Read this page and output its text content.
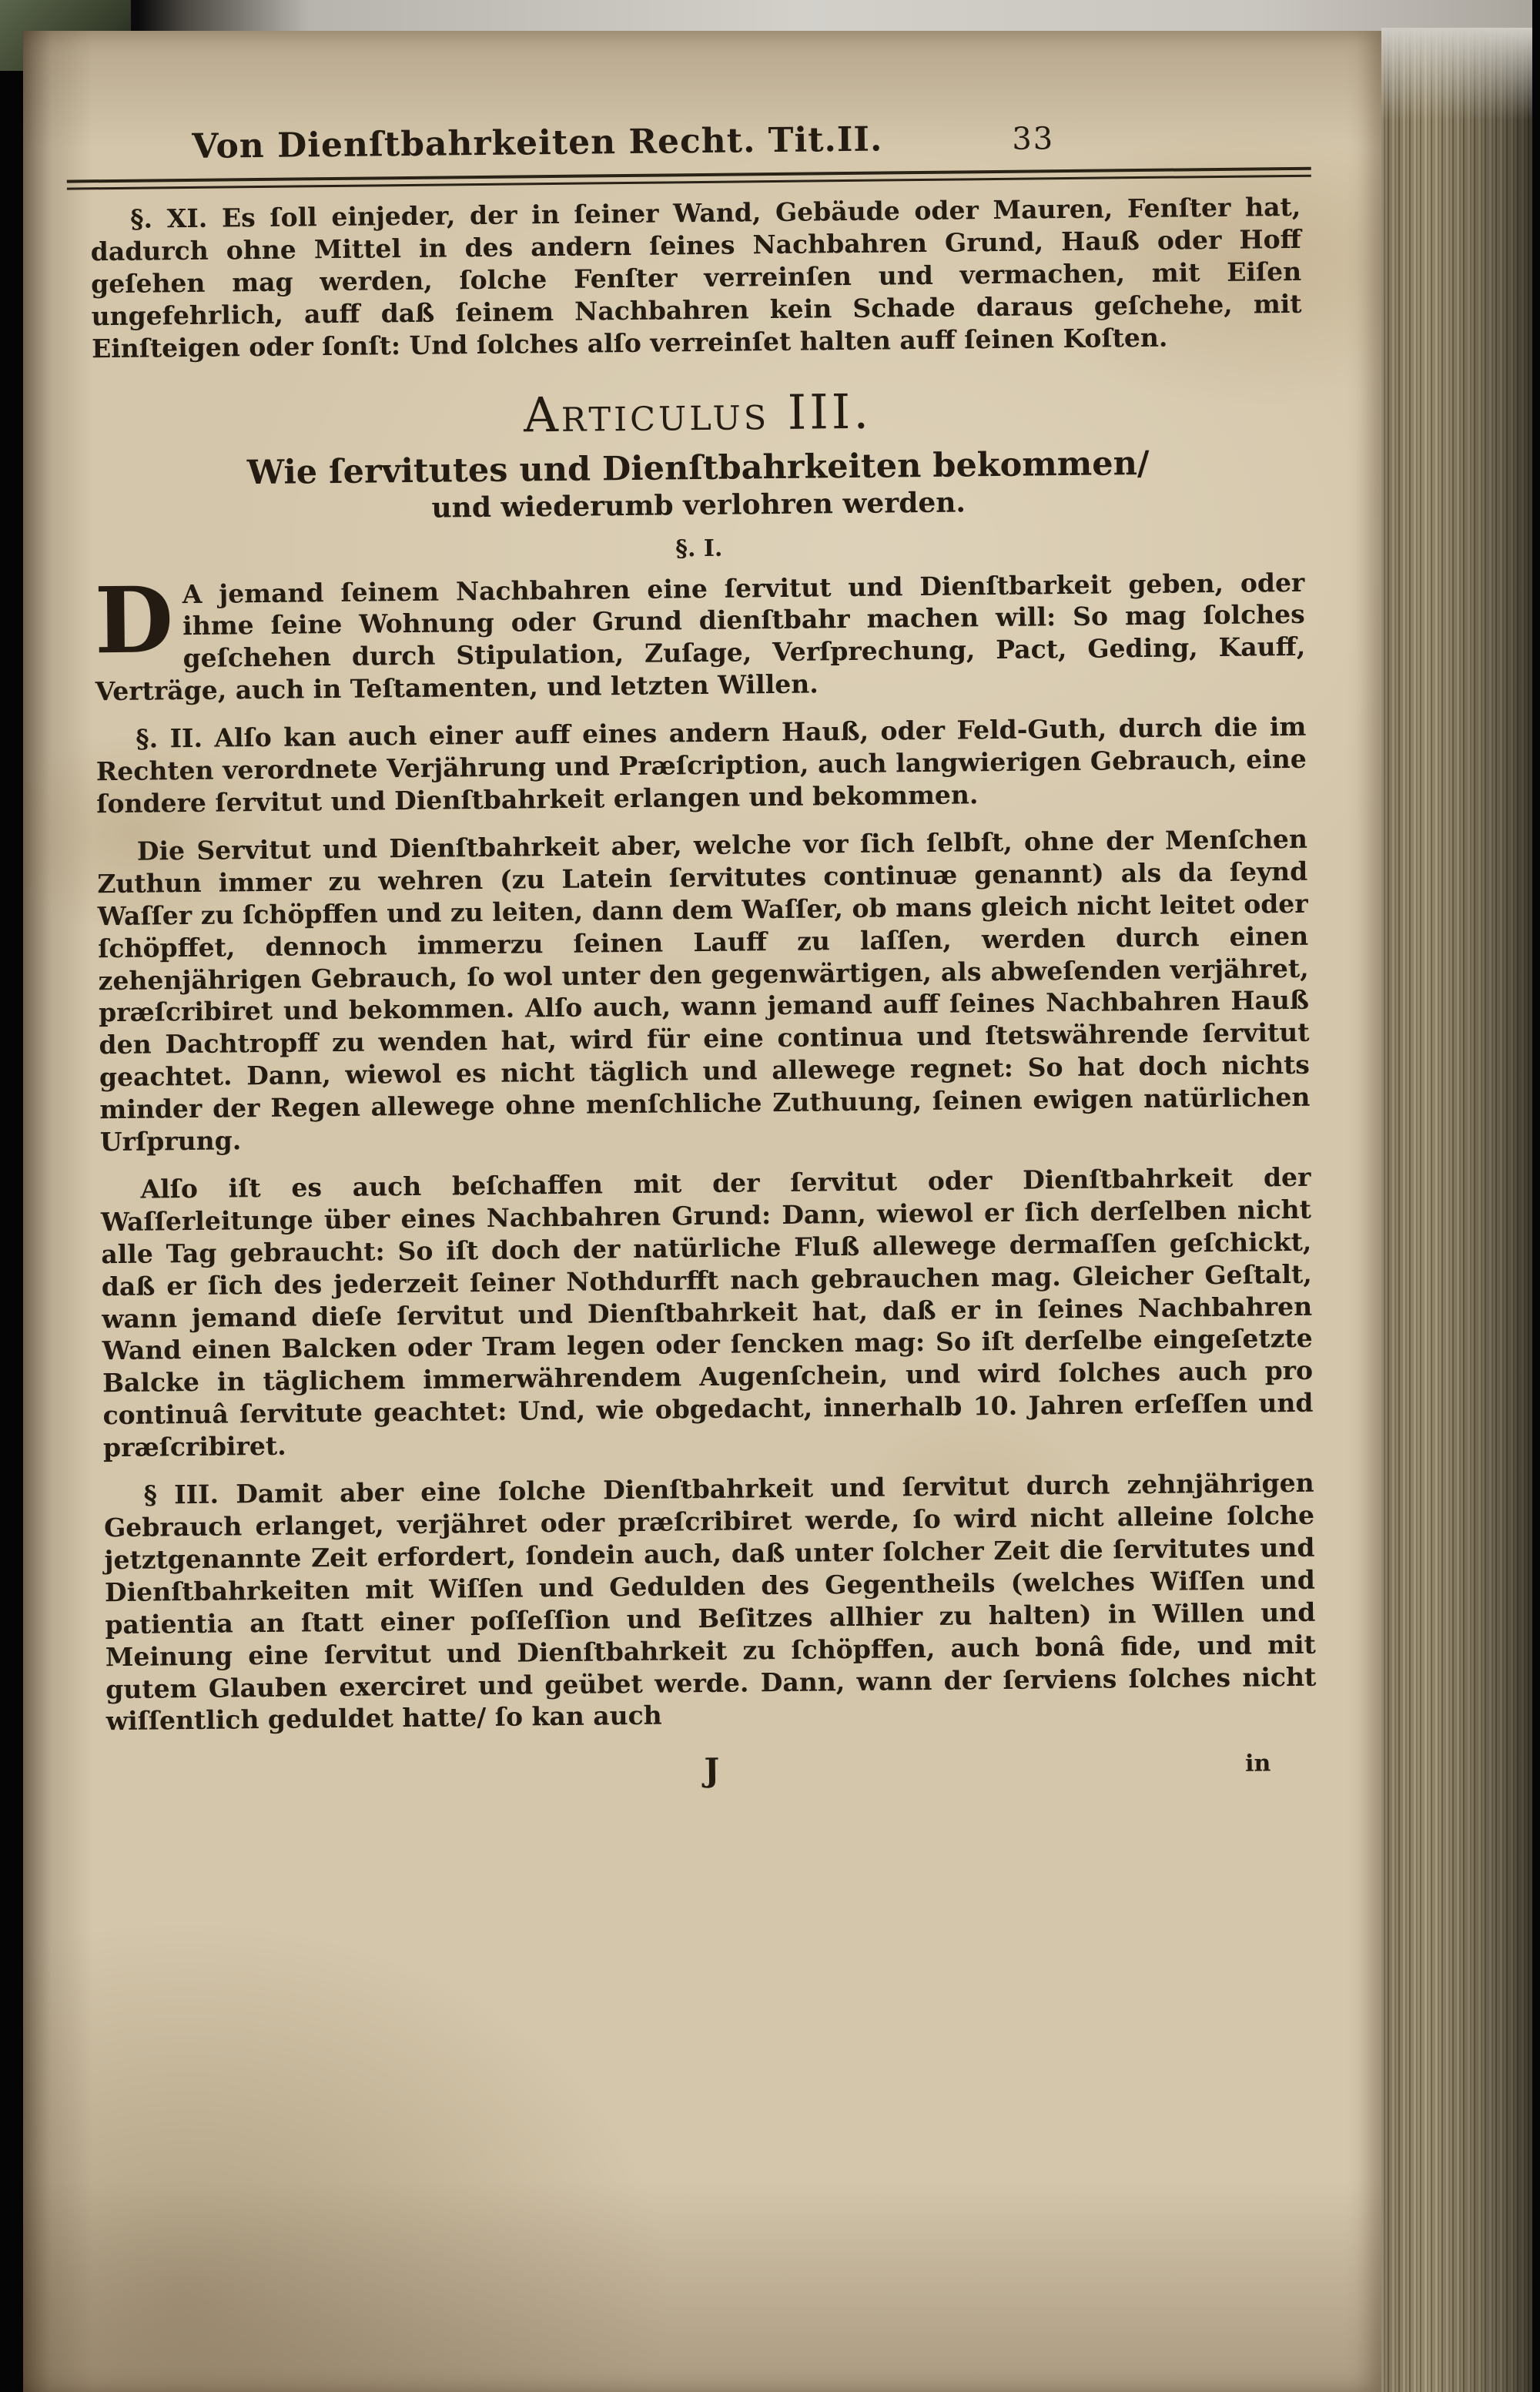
Von Dienſtbahrkeiten Recht. Tit.II.	33

§. XI. Es ſoll einjeder, der in ſeiner Wand, Gebäude oder Mauren, Fenſter hat, dadurch ohne Mittel in des andern ſeines Nachbahren Grund, Hauß oder Hoff geſehen mag werden, ſolche Fenſter verreinſen und vermachen, mit Eiſen ungefehrlich, auff daß ſeinem Nachbahren kein Schade daraus geſchehe, mit Einſteigen oder ſonſt: Und ſolches alſo verreinſet halten auff ſeinen Koſten.

Articulus III.

Wie ſervitutes und Dienſtbahrkeiten bekommen/

und wiederumb verlohren werden.

§. I.

D A jemand ſeinem Nachbahren eine ſervitut und Dienſtbarkeit geben, oder ihme ſeine Wohnung oder Grund dienſtbahr machen will: So mag ſolches geſchehen durch Stipulation, Zuſage, Verſprechung, Pact, Geding, Kauff, Verträge, auch in Teſtamenten, und letzten Willen.

§. II. Alſo kan auch einer auff eines andern Hauß, oder Feld-Guth, durch die im Rechten verordnete Verjährung und Præſcription, auch langwierigen Gebrauch, eine ſondere ſervitut und Dienſtbahrkeit erlangen und bekommen.

Die Servitut und Dienſtbahrkeit aber, welche vor ſich ſelbſt, ohne der Menſchen Zuthun immer zu wehren (zu Latein ſervitutes continuæ genannt) als da ſeynd Waſſer zu ſchöpffen und zu leiten, dann dem Waſſer, ob mans gleich nicht leitet oder ſchöpffet, dennoch immerzu ſeinen Lauff zu laſſen, werden durch einen zehenjährigen Gebrauch, ſo wol unter den gegenwärtigen, als abweſenden verjähret, præſcribiret und bekommen. Alſo auch, wann jemand auff ſeines Nachbahren Hauß den Dachtropff zu wenden hat, wird für eine continua und ſtetswährende ſervitut geachtet. Dann, wiewol es nicht täglich und allewege regnet: So hat doch nichts minder der Regen allewege ohne menſchliche Zuthuung, ſeinen ewigen natürlichen Urſprung.

Alſo iſt es auch beſchaffen mit der ſervitut oder Dienſtbahrkeit der Waſſerleitunge über eines Nachbahren Grund: Dann, wiewol er ſich derſelben nicht alle Tag gebraucht: So iſt doch der natürliche Fluß allewege dermaſſen geſchickt, daß er ſich des jederzeit ſeiner Nothdurfft nach gebrauchen mag. Gleicher Geſtalt, wann jemand dieſe ſervitut und Dienſtbahrkeit hat, daß er in ſeines Nachbahren Wand einen Balcken oder Tram legen oder ſencken mag: So iſt derſelbe eingeſetzte Balcke in täglichem immerwährendem Augenſchein, und wird ſolches auch pro continuâ ſervitute geachtet: Und, wie obgedacht, innerhalb 10. Jahren erſeſſen und præſcribiret.

§ III. Damit aber eine ſolche Dienſtbahrkeit und ſervitut durch zehnjährigen Gebrauch erlanget, verjähret oder præſcribiret werde, ſo wird nicht alleine ſolche jetztgenannte Zeit erfordert, ſondein auch, daß unter ſolcher Zeit die ſervitutes und Dienſtbahrkeiten mit Wiſſen und Gedulden des Gegentheils (welches Wiſſen und patientia an ſtatt einer poſſeſſion und Beſitzes allhier zu halten) in Willen und Meinung eine ſervitut und Dienſtbahrkeit zu ſchöpffen, auch bonâ fide, und mit gutem Glauben exerciret und geübet werde. Dann, wann der ſerviens ſolches nicht wiſſentlich geduldet hatte/ ſo kan auch

J	in
